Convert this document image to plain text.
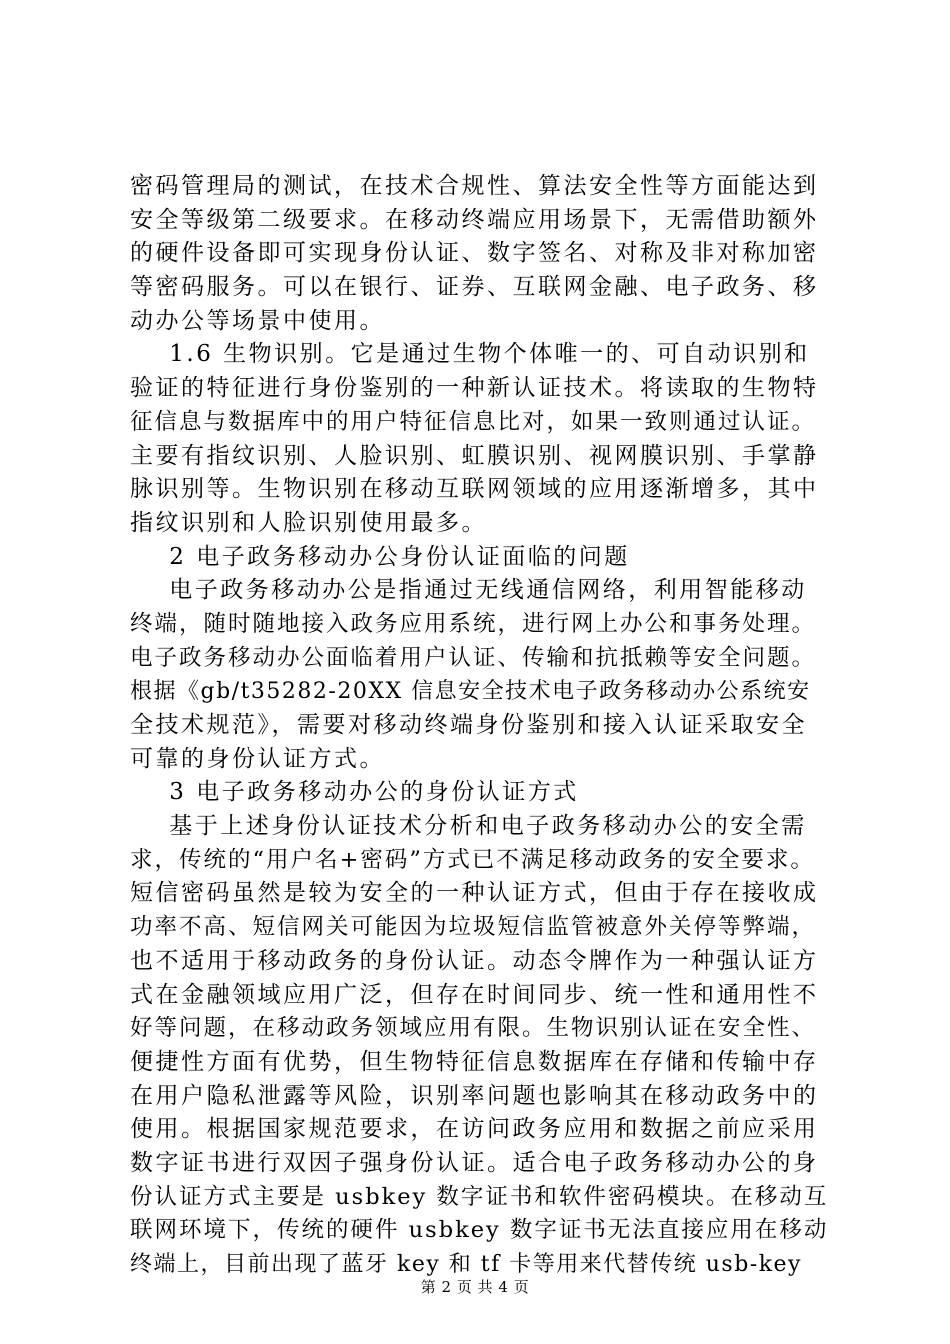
密码管理局的测试，在技术合规性、算法安全性等方面能达到
安全等级第二级要求。在移动终端应用场景下，无需借助额外
的硬件设备即可实现身份认证、数字签名、对称及非对称加密
等密码服务。可以在银行、证券、互联网金融、电子政务、移
动办公等场景中使用。
1.6 生物识别。它是通过生物个体唯一的、可自动识别和
验证的特征进行身份鉴别的一种新认证技术。将读取的生物特
征信息与数据库中的用户特征信息比对，如果一致则通过认证。
主要有指纹识别、人脸识别、虹膜识别、视网膜识别、手掌静
脉识别等。生物识别在移动互联网领域的应用逐渐增多，其中
指纹识别和人脸识别使用最多。
2 电子政务移动办公身份认证面临的问题
电子政务移动办公是指通过无线通信网络，利用智能移动
终端，随时随地接入政务应用系统，进行网上办公和事务处理。
电子政务移动办公面临着用户认证、传输和抗抵赖等安全问题。
根据《gb/t35282-20XX 信息安全技术电子政务移动办公系统安
全技术规范》，需要对移动终端身份鉴别和接入认证采取安全
可靠的身份认证方式。
3 电子政务移动办公的身份认证方式
基于上述身份认证技术分析和电子政务移动办公的安全需
求，传统的“用户名+密码”方式已不满足移动政务的安全要求。
短信密码虽然是较为安全的一种认证方式，但由于存在接收成
功率不高、短信网关可能因为垃圾短信监管被意外关停等弊端，
也不适用于移动政务的身份认证。动态令牌作为一种强认证方
式在金融领域应用广泛，但存在时间同步、统一性和通用性不
好等问题，在移动政务领域应用有限。生物识别认证在安全性、
便捷性方面有优势，但生物特征信息数据库在存储和传输中存
在用户隐私泄露等风险，识别率问题也影响其在移动政务中的
使用。根据国家规范要求，在访问政务应用和数据之前应采用
数字证书进行双因子强身份认证。适合电子政务移动办公的身
份认证方式主要是 usbkey 数字证书和软件密码模块。在移动互
联网环境下，传统的硬件 usbkey 数字证书无法直接应用在移动
终端上，目前出现了蓝牙 key 和 tf 卡等用来代替传统 usb-key
第 2 页 共 4 页
